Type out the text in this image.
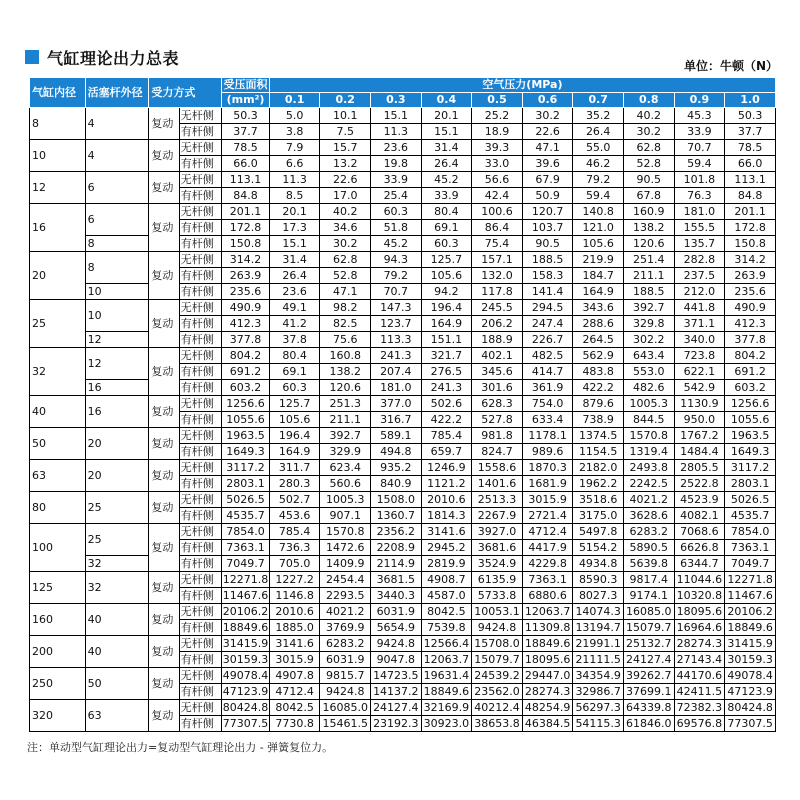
气缸理论出力总表	单位：牛顿（N）
气缸内径	活塞杆外径	受力方式		受压面积	空气压力(MPa)									
				(mm²)	0.1	0.2	0.3	0.4	0.5	0.6	0.7	0.8	0.9	1.0
8	4	复动	无杆侧	50.3	5.0	10.1	15.1	20.1	25.2	30.2	35.2	40.2	45.3	50.3
			有杆侧	37.7	3.8	7.5	11.3	15.1	18.9	22.6	26.4	30.2	33.9	37.7
10	4	复动	无杆侧	78.5	7.9	15.7	23.6	31.4	39.3	47.1	55.0	62.8	70.7	78.5
			有杆侧	66.0	6.6	13.2	19.8	26.4	33.0	39.6	46.2	52.8	59.4	66.0
12	6	复动	无杆侧	113.1	11.3	22.6	33.9	45.2	56.6	67.9	79.2	90.5	101.8	113.1
			有杆侧	84.8	8.5	17.0	25.4	33.9	42.4	50.9	59.4	67.8	76.3	84.8
16	6	复动	无杆侧	201.1	20.1	40.2	60.3	80.4	100.6	120.7	140.8	160.9	181.0	201.1
			有杆侧	172.8	17.3	34.6	51.8	69.1	86.4	103.7	121.0	138.2	155.5	172.8
	8		有杆侧	150.8	15.1	30.2	45.2	60.3	75.4	90.5	105.6	120.6	135.7	150.8
20	8	复动	无杆侧	314.2	31.4	62.8	94.3	125.7	157.1	188.5	219.9	251.4	282.8	314.2
			有杆侧	263.9	26.4	52.8	79.2	105.6	132.0	158.3	184.7	211.1	237.5	263.9
	10		有杆侧	235.6	23.6	47.1	70.7	94.2	117.8	141.4	164.9	188.5	212.0	235.6
25	10	复动	无杆侧	490.9	49.1	98.2	147.3	196.4	245.5	294.5	343.6	392.7	441.8	490.9
			有杆侧	412.3	41.2	82.5	123.7	164.9	206.2	247.4	288.6	329.8	371.1	412.3
	12		有杆侧	377.8	37.8	75.6	113.3	151.1	188.9	226.7	264.5	302.2	340.0	377.8
32	12	复动	无杆侧	804.2	80.4	160.8	241.3	321.7	402.1	482.5	562.9	643.4	723.8	804.2
			有杆侧	691.2	69.1	138.2	207.4	276.5	345.6	414.7	483.8	553.0	622.1	691.2
	16		有杆侧	603.2	60.3	120.6	181.0	241.3	301.6	361.9	422.2	482.6	542.9	603.2
40	16	复动	无杆侧	1256.6	125.7	251.3	377.0	502.6	628.3	754.0	879.6	1005.3	1130.9	1256.6
			有杆侧	1055.6	105.6	211.1	316.7	422.2	527.8	633.4	738.9	844.5	950.0	1055.6
50	20	复动	无杆侧	1963.5	196.4	392.7	589.1	785.4	981.8	1178.1	1374.5	1570.8	1767.2	1963.5
			有杆侧	1649.3	164.9	329.9	494.8	659.7	824.7	989.6	1154.5	1319.4	1484.4	1649.3
63	20	复动	无杆侧	3117.2	311.7	623.4	935.2	1246.9	1558.6	1870.3	2182.0	2493.8	2805.5	3117.2
			有杆侧	2803.1	280.3	560.6	840.9	1121.2	1401.6	1681.9	1962.2	2242.5	2522.8	2803.1
80	25	复动	无杆侧	5026.5	502.7	1005.3	1508.0	2010.6	2513.3	3015.9	3518.6	4021.2	4523.9	5026.5
			有杆侧	4535.7	453.6	907.1	1360.7	1814.3	2267.9	2721.4	3175.0	3628.6	4082.1	4535.7
100	25	复动	无杆侧	7854.0	785.4	1570.8	2356.2	3141.6	3927.0	4712.4	5497.8	6283.2	7068.6	7854.0
			有杆侧	7363.1	736.3	1472.6	2208.9	2945.2	3681.6	4417.9	5154.2	5890.5	6626.8	7363.1
	32		有杆侧	7049.7	705.0	1409.9	2114.9	2819.9	3524.9	4229.8	4934.8	5639.8	6344.7	7049.7
125	32	复动	无杆侧	12271.8	1227.2	2454.4	3681.5	4908.7	6135.9	7363.1	8590.3	9817.4	11044.6	12271.8
			有杆侧	11467.6	1146.8	2293.5	3440.3	4587.0	5733.8	6880.6	8027.3	9174.1	10320.8	11467.6
160	40	复动	无杆侧	20106.2	2010.6	4021.2	6031.9	8042.5	10053.1	12063.7	14074.3	16085.0	18095.6	20106.2
			有杆侧	18849.6	1885.0	3769.9	5654.9	7539.8	9424.8	11309.8	13194.7	15079.7	16964.6	18849.6
200	40	复动	无杆侧	31415.9	3141.6	6283.2	9424.8	12566.4	15708.0	18849.6	21991.1	25132.7	28274.3	31415.9
			有杆侧	30159.3	3015.9	6031.9	9047.8	12063.7	15079.7	18095.6	21111.5	24127.4	27143.4	30159.3
250	50	复动	无杆侧	49078.4	4907.8	9815.7	14723.5	19631.4	24539.2	29447.0	34354.9	39262.7	44170.6	49078.4
			有杆侧	47123.9	4712.4	9424.8	14137.2	18849.6	23562.0	28274.3	32986.7	37699.1	42411.5	47123.9
320	63	复动	无杆侧	80424.8	8042.5	16085.0	24127.4	32169.9	40212.4	48254.9	56297.3	64339.8	72382.3	80424.8
			有杆侧	77307.5	7730.8	15461.5	23192.3	30923.0	38653.8	46384.5	54115.3	61846.0	69576.8	77307.5
注：单动型气缸理论出力=复动型气缸理论出力 - 弹簧复位力。
